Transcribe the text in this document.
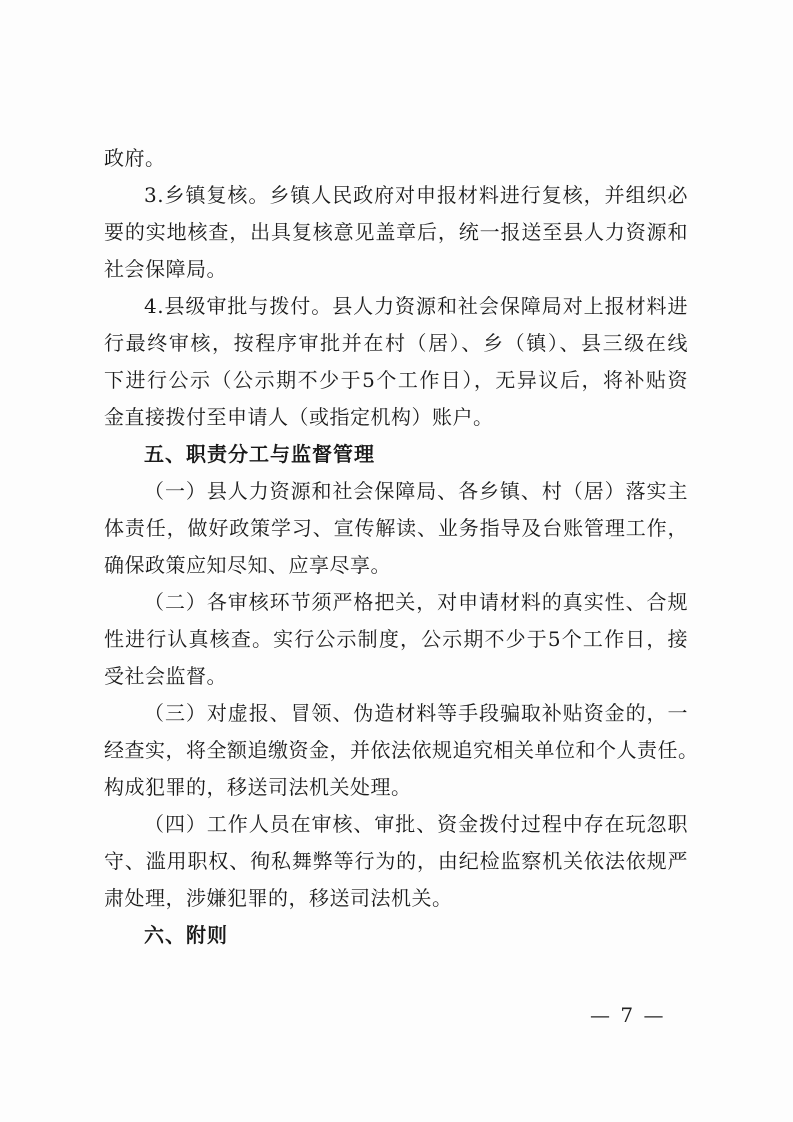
政府。
3.乡镇复核。乡镇人民政府对申报材料进行复核，并组织必
要的实地核查，出具复核意见盖章后，统一报送至县人力资源和
社会保障局。
4.县级审批与拨付。县人力资源和社会保障局对上报材料进
行最终审核，按程序审批并在村（居）、乡（镇）、县三级在线
下进行公示（公示期不少于5个工作日），无异议后，将补贴资
金直接拨付至申请人（或指定机构）账户。
五、职责分工与监督管理
（一）县人力资源和社会保障局、各乡镇、村（居）落实主
体责任，做好政策学习、宣传解读、业务指导及台账管理工作，
确保政策应知尽知、应享尽享。
（二）各审核环节须严格把关，对申请材料的真实性、合规
性进行认真核查。实行公示制度，公示期不少于5个工作日，接
受社会监督。
（三）对虚报、冒领、伪造材料等手段骗取补贴资金的，一
经查实，将全额追缴资金，并依法依规追究相关单位和个人责任。
构成犯罪的，移送司法机关处理。
（四）工作人员在审核、审批、资金拨付过程中存在玩忽职
守、滥用职权、徇私舞弊等行为的，由纪检监察机关依法依规严
肃处理，涉嫌犯罪的，移送司法机关。
六、附则
— 7 —
